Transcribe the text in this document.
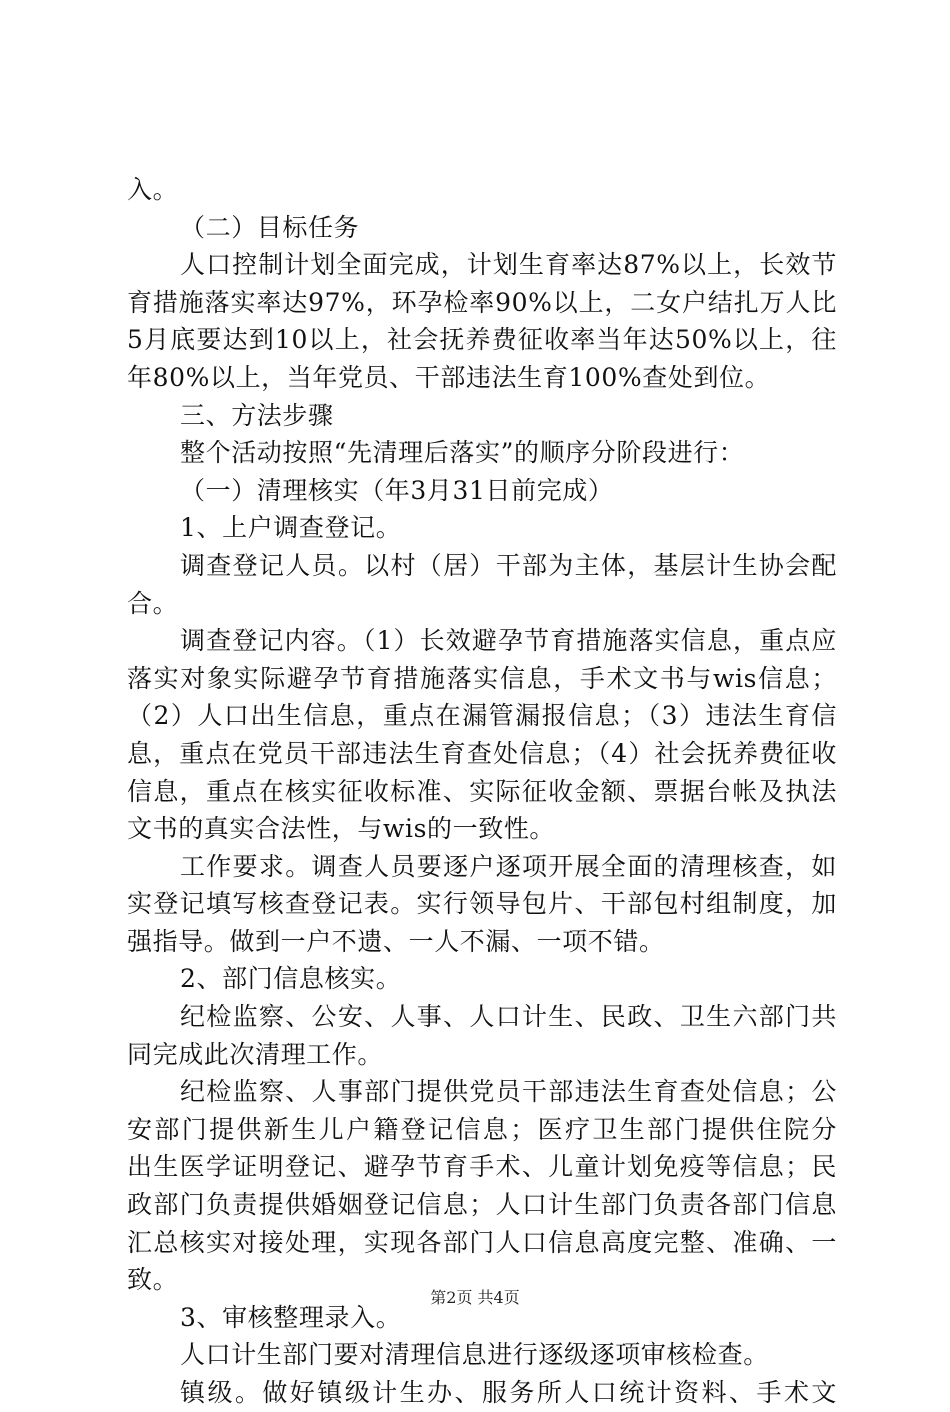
入。
（二）目标任务
人口控制计划全面完成，计划生育率达87%以上，长效节
育措施落实率达97%，环孕检率90%以上，二女户结扎万人比
5月底要达到10以上，社会抚养费征收率当年达50%以上，往
年80%以上，当年党员、干部违法生育100%查处到位。
三、方法步骤
整个活动按照“先清理后落实”的顺序分阶段进行：
（一）清理核实（年3月31日前完成）
1、上户调查登记。
调查登记人员。以村（居）干部为主体，基层计生协会配
合。
调查登记内容。（1）长效避孕节育措施落实信息，重点应
落实对象实际避孕节育措施落实信息，手术文书与wis信息；
（2）人口出生信息，重点在漏管漏报信息；（3）违法生育信
息，重点在党员干部违法生育查处信息；（4）社会抚养费征收
信息，重点在核实征收标准、实际征收金额、票据台帐及执法
文书的真实合法性，与wis的一致性。
工作要求。调查人员要逐户逐项开展全面的清理核查，如
实登记填写核查登记表。实行领导包片、干部包村组制度，加
强指导。做到一户不遗、一人不漏、一项不错。
2、部门信息核实。
纪检监察、公安、人事、人口计生、民政、卫生六部门共
同完成此次清理工作。
纪检监察、人事部门提供党员干部违法生育查处信息；公
安部门提供新生儿户籍登记信息；医疗卫生部门提供住院分
出生医学证明登记、避孕节育手术、儿童计划免疫等信息；民
政部门负责提供婚姻登记信息；人口计生部门负责各部门信息
汇总核实对接处理，实现各部门人口信息高度完整、准确、一
致。
3、审核整理录入。
人口计生部门要对清理信息进行逐级逐项审核检查。
镇级。做好镇级计生办、服务所人口统计资料、手术文
第2页 共4页
